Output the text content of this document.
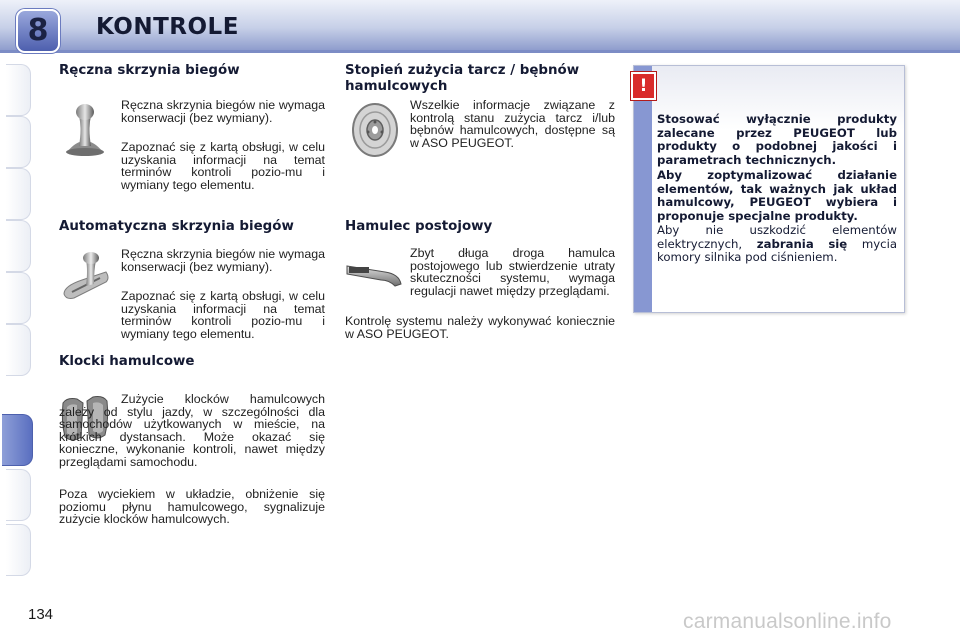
8 KONTROLE
Ręczna skrzynia biegów

Ręczna skrzynia biegów nie wymaga konserwacji (bez wymiany).

Zapoznać się z kartą obsługi, w celu uzyskania informacji na temat terminów kontroli pozio-mu i wymiany tego elementu.

Automatyczna skrzynia biegów

Ręczna skrzynia biegów nie wymaga konserwacji (bez wymiany).

Zapoznać się z kartą obsługi, w celu uzyskania informacji na temat terminów kontroli pozio-mu i wymiany tego elementu.

Klocki hamulcowe

Zużycie klocków hamulcowych zależy od stylu jazdy, w szczególności dla samochodów użytkowanych w mieście, na krótkich dystansach. Może okazać się konieczne, wykonanie kontroli, nawet między przeglądami samochodu.

Poza wyciekiem w układzie, obniżenie się poziomu płynu hamulcowego, sygnalizuje zużycie klocków hamulcowych.

Stopień zużycia tarcz / bębnów
hamulcowych

Wszelkie informacje związane z kontrolą stanu zużycia tarcz i/lub bębnów hamulcowych, dostępne są w ASO PEUGEOT.

Hamulec postojowy

Zbyt długa droga hamulca postojowego lub stwierdzenie utraty skuteczności systemu, wymaga regulacji nawet między przeglądami.

Kontrolę systemu należy wykonywać koniecznie w ASO PEUGEOT.

!

Stosować wyłącznie produkty zalecane przez PEUGEOT lub produkty o podobnej jakości i parametrach technicznych.

Aby zoptymalizować działanie elementów, tak ważnych jak układ hamulcowy, PEUGEOT wybiera i proponuje specjalne produkty.

Aby nie uszkodzić elementów elektrycznych, zabrania się mycia komory silnika pod ciśnieniem.

134	carmanualsonline.info
